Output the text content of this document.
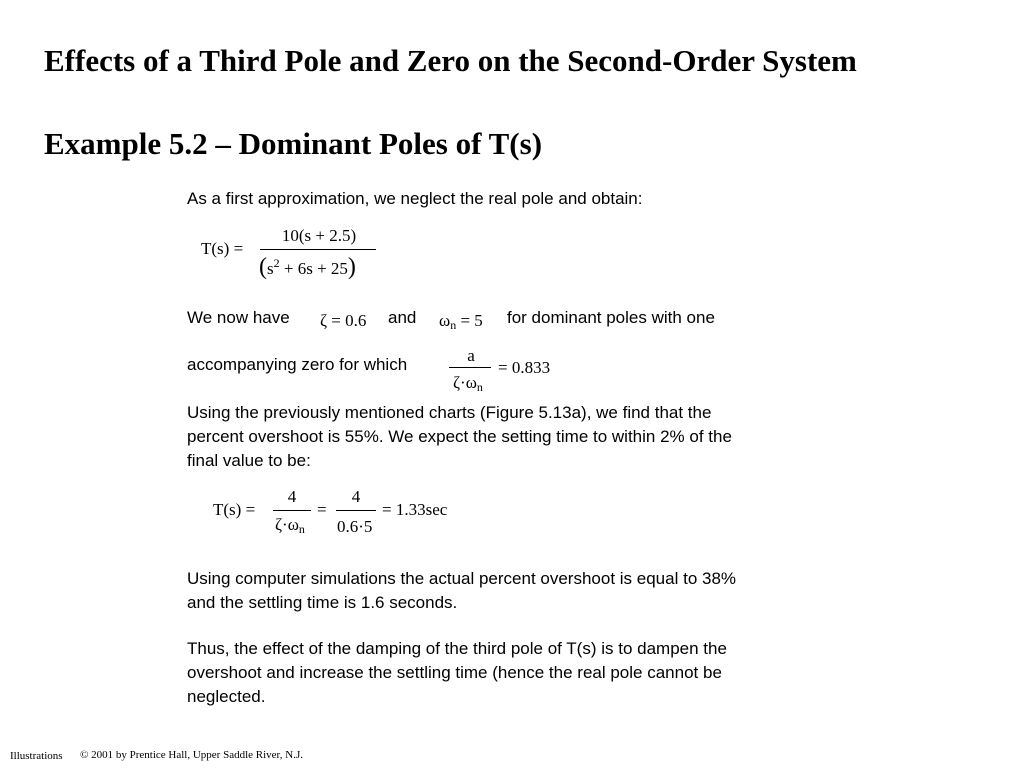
Effects of a Third Pole and Zero on the Second-Order System
Example 5.2 – Dominant Poles of T(s)
As a first approximation, we neglect the real pole and obtain:
T(s) =
10(s + 2.5)
$(s^2 + 6s + 25)$
We now have ζ = 0.6 and $\omega_n = 5$ for dominant poles with one
accompanying zero for which	a
$\zeta\cdot\omega_n$
= 0.833
Using the previously mentioned charts (Figure 5.13a), we find that the
percent overshoot is 55%. We expect the setting time to within 2% of the
final value to be:
T(s) =
4
$\zeta\cdot\omega_n$
=
4
0.6·5
= 1.33sec
Using computer simulations the actual percent overshoot is equal to 38%
and the settling time is 1.6 seconds.
Thus, the effect of the damping of the third pole of T(s) is to dampen the
overshoot and increase the settling time (hence the real pole cannot be
neglected.
Illustrations © 2001 by Prentice Hall, Upper Saddle River, N.J.
